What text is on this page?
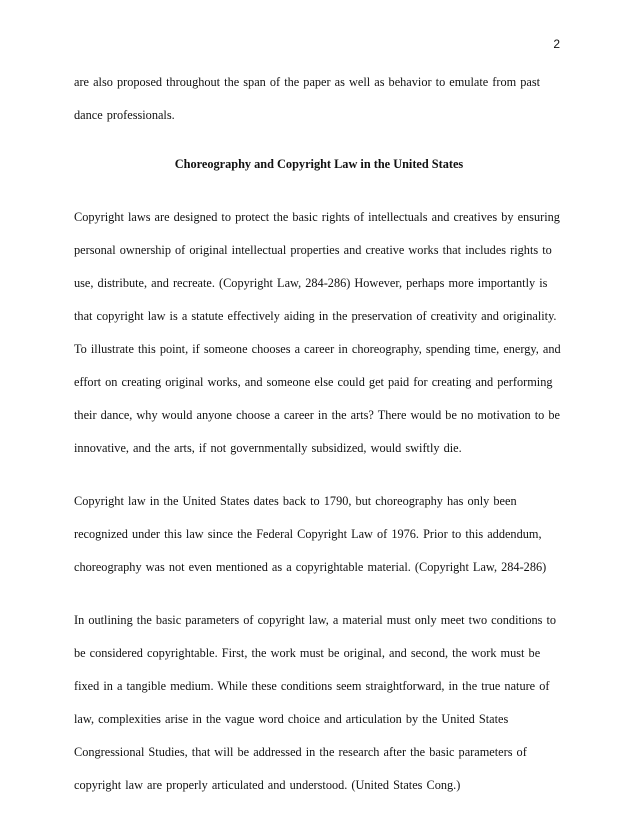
2
are also proposed throughout the span of the paper as well as behavior to emulate from past
dance professionals.
Choreography and Copyright Law in the United States
Copyright laws are designed to protect the basic rights of intellectuals and creatives by ensuring
personal ownership of original intellectual properties and creative works that includes rights to
use, distribute, and recreate. (Copyright Law, 284-286) However, perhaps more importantly is
that copyright law is a statute effectively aiding in the preservation of creativity and originality.
To illustrate this point, if someone chooses a career in choreography, spending time, energy, and
effort on creating original works, and someone else could get paid for creating and performing
their dance, why would anyone choose a career in the arts? There would be no motivation to be
innovative, and the arts, if not governmentally subsidized, would swiftly die.
Copyright law in the United States dates back to 1790, but choreography has only been
recognized under this law since the Federal Copyright Law of 1976. Prior to this addendum,
choreography was not even mentioned as a copyrightable material. (Copyright Law, 284-286)
In outlining the basic parameters of copyright law, a material must only meet two conditions to
be considered copyrightable. First, the work must be original, and second, the work must be
fixed in a tangible medium. While these conditions seem straightforward, in the true nature of
law, complexities arise in the vague word choice and articulation by the United States
Congressional Studies, that will be addressed in the research after the basic parameters of
copyright law are properly articulated and understood. (United States Cong.)
